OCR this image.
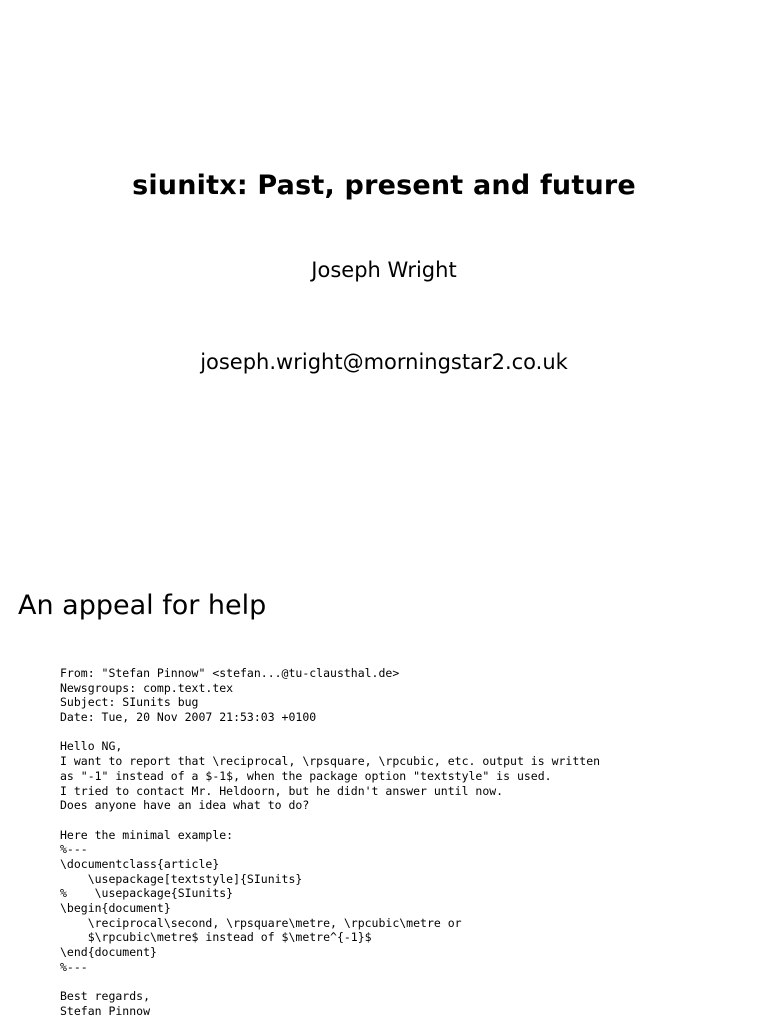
siunitx: Past, present and future

Joseph Wright

joseph.wright@morningstar2.co.uk

An appeal for help
From: "Stefan Pinnow" <stefan...@tu-clausthal.de>
Newsgroups: comp.text.tex
Subject: SIunits bug
Date: Tue, 20 Nov 2007 21:53:03 +0100
Hello NG,
I want to report that \reciprocal, \rpsquare, \rpcubic, etc. output is written
as "-1" instead of a $-1$, when the package option "textstyle" is used.
I tried to contact Mr. Heldoorn, but he didn't answer until now.
Does anyone have an idea what to do?
Here the minimal example:
%---
\documentclass{article}
\usepackage[textstyle]{SIunits}
%    \usepackage{SIunits}
\begin{document}
\reciprocal\second, \rpsquare\metre, \rpcubic\metre or
$\rpcubic\metre$ instead of $\metre^{-1}$
\end{document}
%---
Best regards,
Stefan Pinnow
